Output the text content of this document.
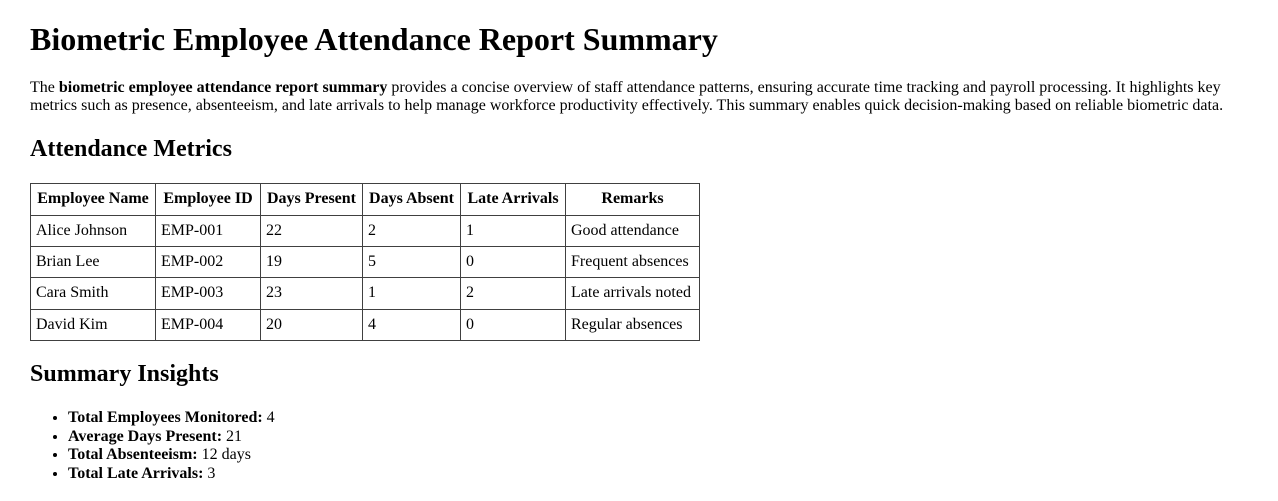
Biometric Employee Attendance Report Summary

The biometric employee attendance report summary provides a concise overview of staff attendance patterns, ensuring accurate time tracking and payroll processing. It highlights key metrics such as presence, absenteeism, and late arrivals to help manage workforce productivity effectively. This summary enables quick decision-making based on reliable biometric data.

Attendance Metrics
Employee Name	Employee ID	Days Present	Days Absent	Late Arrivals	Remarks
Alice Johnson	EMP-001	22	2	1	Good attendance
Brian Lee	EMP-002	19	5	0	Frequent absences
Cara Smith	EMP-003	23	1	2	Late arrivals noted
David Kim	EMP-004	20	4	0	Regular absences
Summary Insights
• Total Employees Monitored: 4
• Average Days Present: 21
• Total Absenteeism: 12 days
• Total Late Arrivals: 3
